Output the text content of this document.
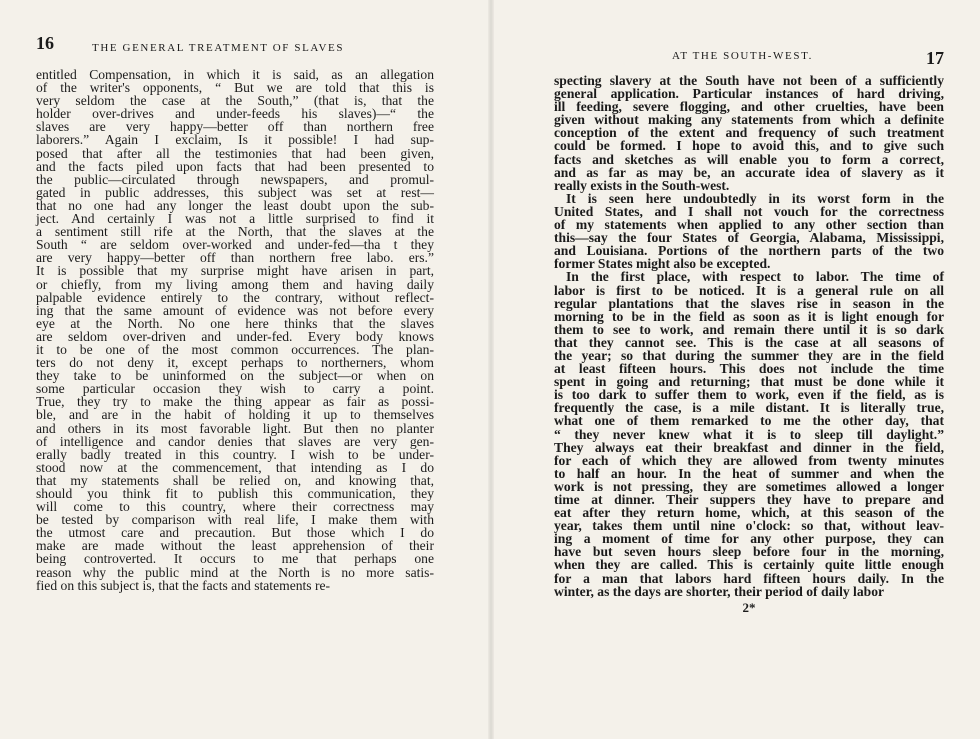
16	THE GENERAL TREATMENT OF SLAVES
entitled Compensation, in which it is said, as an allegation
of the writer's opponents, “ But we are told that this is
very seldom the case at the South,” (that is, that the
holder over-drives and under-feeds his slaves)—“ the
slaves are very happy—better off than northern free
laborers.” Again I exclaim, Is it possible! I had sup-
posed that after all the testimonies that had been given,
and the facts piled upon facts that had been presented to
the public—circulated through newspapers, and promul-
gated in public addresses, this subject was set at rest—
that no one had any longer the least doubt upon the sub-
ject. And certainly I was not a little surprised to find it
a sentiment still rife at the North, that the slaves at the
South “ are seldom over-worked and under-fed—tha t they
are very happy—better off than northern free labo. ers.”
It is possible that my surprise might have arisen in part,
or chiefly, from my living among them and having daily
palpable evidence entirely to the contrary, without reflect-
ing that the same amount of evidence was not before every
eye at the North. No one here thinks that the slaves
are seldom over-driven and under-fed. Every body knows
it to be one of the most common occurrences. The plan-
ters do not deny it, except perhaps to northerners, whom
they take to be uninformed on the subject—or when on
some particular occasion they wish to carry a point.
True, they try to make the thing appear as fair as possi-
ble, and are in the habit of holding it up to themselves
and others in its most favorable light. But then no planter
of intelligence and candor denies that slaves are very gen-
erally badly treated in this country. I wish to be under-
stood now at the commencement, that intending as I do
that my statements shall be relied on, and knowing that,
should you think fit to publish this communication, they
will come to this country, where their correctness may
be tested by comparison with real life, I make them with
the utmost care and precaution. But those which I do
make are made without the least apprehension of their
being controverted. It occurs to me that perhaps one
reason why the public mind at the North is no more satis-
fied on this subject is, that the facts and statements re-
AT THE SOUTH-WEST.	17
specting slavery at the South have not been of a sufficiently
general application. Particular instances of hard driving,
ill feeding, severe flogging, and other cruelties, have been
given without making any statements from which a definite
conception of the extent and frequency of such treatment
could be formed. I hope to avoid this, and to give such
facts and sketches as will enable you to form a correct,
and as far as may be, an accurate idea of slavery as it
really exists in the South-west.
It is seen here undoubtedly in its worst form in the
United States, and I shall not vouch for the correctness
of my statements when applied to any other section than
this—say the four States of Georgia, Alabama, Mississippi,
and Louisiana. Portions of the northern parts of the two
former States might also be excepted.
In the first place, with respect to labor. The time of
labor is first to be noticed. It is a general rule on all
regular plantations that the slaves rise in season in the
morning to be in the field as soon as it is light enough for
them to see to work, and remain there until it is so dark
that they cannot see. This is the case at all seasons of
the year; so that during the summer they are in the field
at least fifteen hours. This does not include the time
spent in going and returning; that must be done while it
is too dark to suffer them to work, even if the field, as is
frequently the case, is a mile distant. It is literally true,
what one of them remarked to me the other day, that
“ they never knew what it is to sleep till daylight.”
They always eat their breakfast and dinner in the field,
for each of which they are allowed from twenty minutes
to half an hour. In the heat of summer and when the
work is not pressing, they are sometimes allowed a longer
time at dinner. Their suppers they have to prepare and
eat after they return home, which, at this season of the
year, takes them until nine o'clock: so that, without leav-
ing a moment of time for any other purpose, they can
have but seven hours sleep before four in the morning,
when they are called. This is certainly quite little enough
for a man that labors hard fifteen hours daily. In the
winter, as the days are shorter, their period of daily labor
2*
